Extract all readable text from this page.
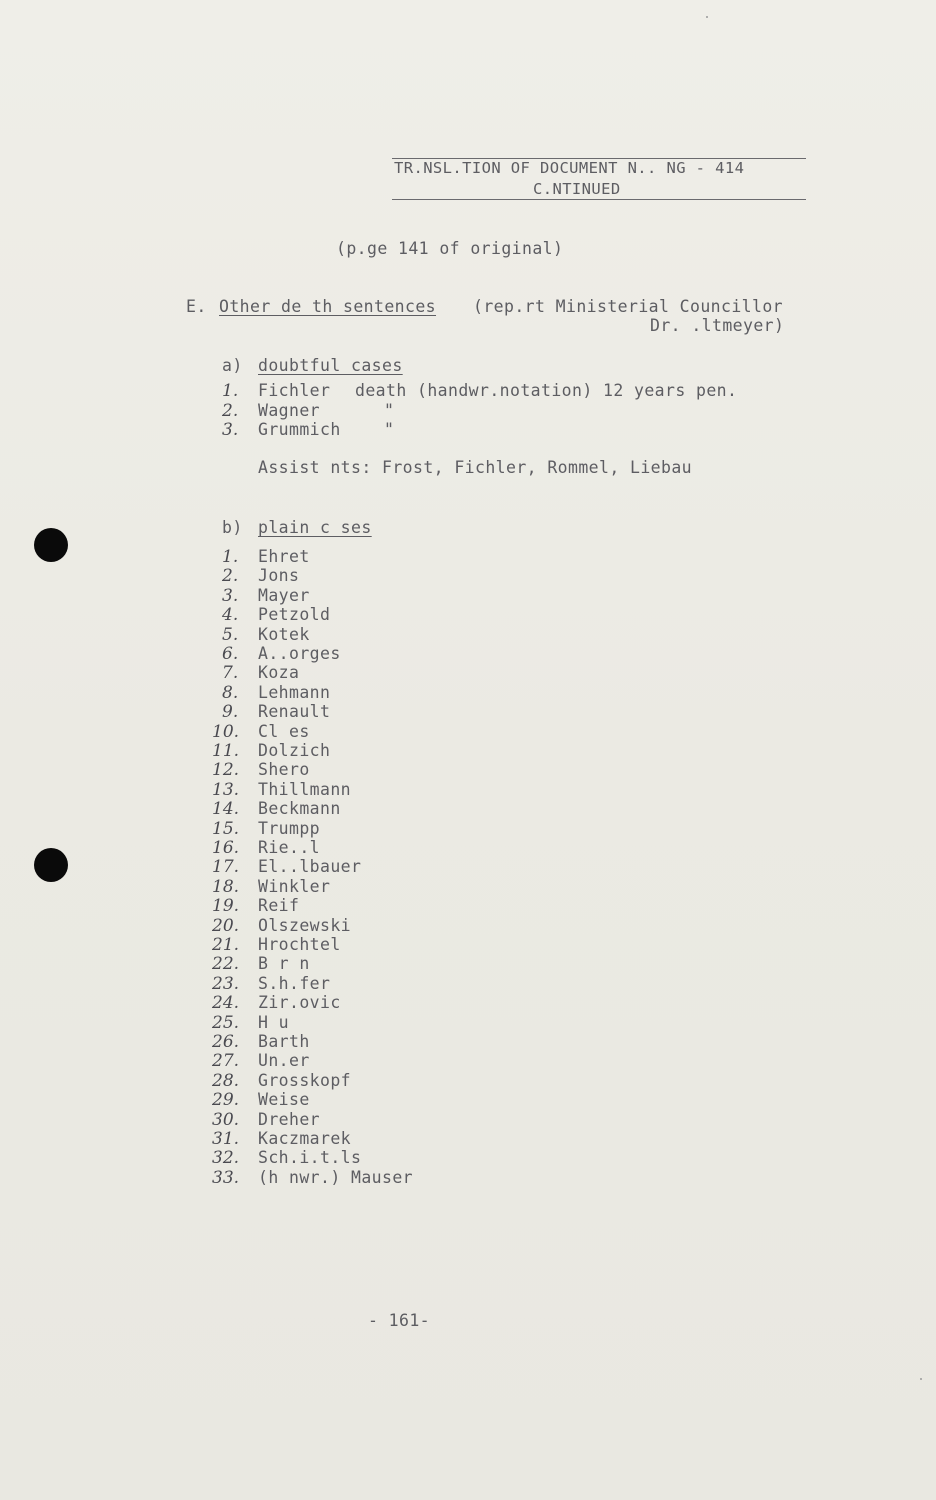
TR.NSL.TION OF DOCUMENT N.. NG - 414
C.NTINUED
(p.ge 141 of original)
E. Other de th sentences (rep.rt Ministerial Councillor
Dr. .ltmeyer)
a) doubtful cases
1. Fichler death (handwr.notation) 12 years pen.
2. Wagner	"
3. Grummich	"
Assist nts: Frost, Fichler, Rommel, Liebau
b) plain c ses
1. Ehret
2. Jons
3. Mayer
4. Petzold
5. Kotek
6. A..orges
7. Koza
8. Lehmann
9. Renault
10. Cl es
11. Dolzich
12. Shero
13. Thillmann
14. Beckmann
15. Trumpp
16. Rie..l
17. El..lbauer
18. Winkler
19. Reif
20. Olszewski
21. Hrochtel
22. B r n
23. S.h.fer
24. Zir.ovic
25. H u
26. Barth
27. Un.er
28. Grosskopf
29. Weise
30. Dreher
31. Kaczmarek
32. Sch.i.t.ls
33. (h nwr.) Mauser
- 161-
